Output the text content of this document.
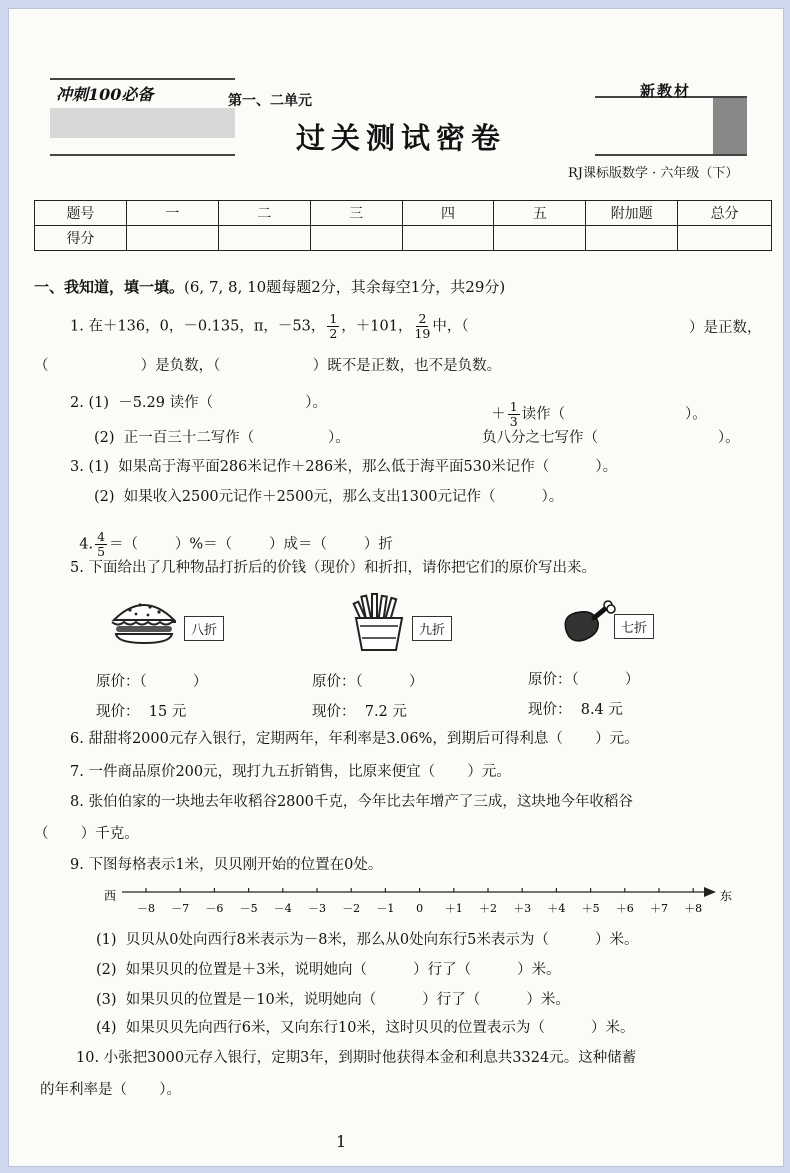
冲刺100必备	第一、二单元
过关测试密卷
新教材
RJ课标版数学 · 六年级（下）
题号	一	二	三	四	五	附加题	总分
得分							
一、我知道，填一填。(6, 7, 8, 10题每题2分，其余每空1分，共29分)
1. 在＋136，0，－0.135，π，－53， $\frac{1}{2}$ ，＋101， $\frac{2}{19}$ 中，（	）是正数，
（                    ）是负数，（                    ）既不是正数，也不是负数。
2. (1)  －5.29 读作（                    ）。

＋ $\frac{1}{3}$ 读作（                          ）。

(2)  正一百三十二写作（                ）。	负八分之七写作（                          ）。
3. (1)  如果高于海平面286米记作＋286米，那么低于海平面530米记作（          ）。
(2)  如果收入2500元记作＋2500元，那么支出1300元记作（          ）。

4. $\frac{4}{5}$ ＝（        ）%＝（        ）成＝（        ）折

5. 下面给出了几种物品打折后的价钱（现价）和折扣，请你把它们的原价写出来。
八折	九折	七折
原价：（          ）
现价：  15 元
原价：（          ）
现价：  7.2 元
原价：（          ）
现价：  8.4 元
6. 甜甜将2000元存入银行，定期两年，年利率是3.06%，到期后可得利息（       ）元。
7. 一件商品原价200元，现打九五折销售，比原来便宜（       ）元。
8. 张伯伯家的一块地去年收稻谷2800千克，今年比去年增产了三成，这块地今年收稻谷
（       ）千克。
9. 下图每格表示1米，贝贝刚开始的位置在0处。
西	东
－8 －7 －6 －5 －4 －3 －2 －1 0 ＋1 ＋2 ＋3 ＋4 ＋5 ＋6 ＋7 ＋8
(1)  贝贝从0处向西行8米表示为－8米，那么从0处向东行5米表示为（          ）米。
(2)  如果贝贝的位置是＋3米，说明她向（          ）行了（          ）米。
(3)  如果贝贝的位置是－10米，说明她向（          ）行了（          ）米。
(4)  如果贝贝先向西行6米，又向东行10米，这时贝贝的位置表示为（          ）米。
10. 小张把3000元存入银行，定期3年，到期时他获得本金和利息共3324元。这种储蓄
的年利率是（       ）。
1
